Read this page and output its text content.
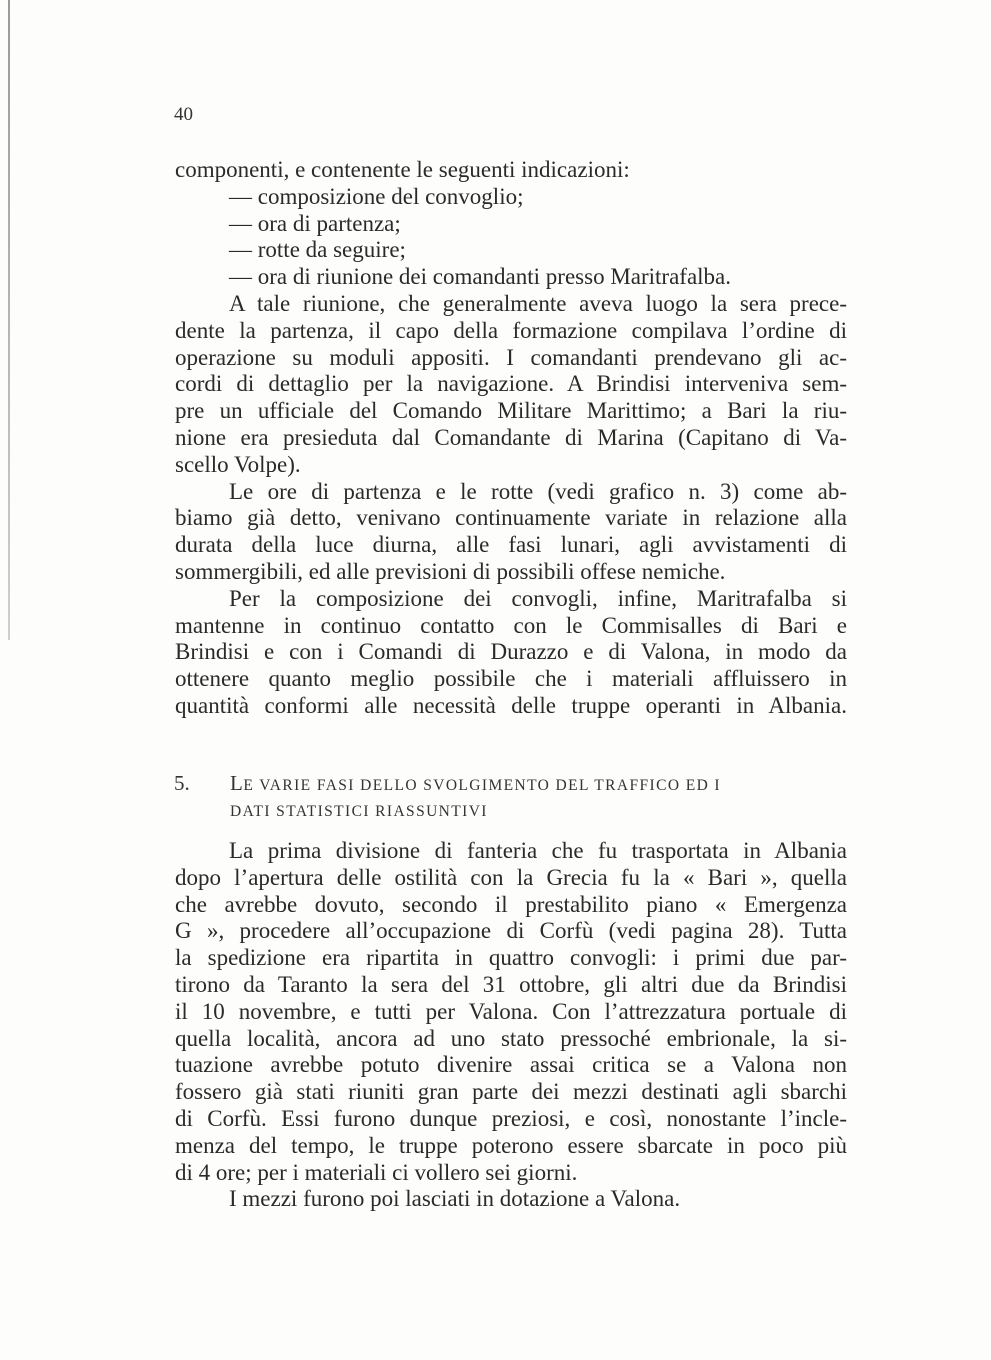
40
componenti, e contenente le seguenti indicazioni:
— composizione del convoglio;
— ora di partenza;
— rotte da seguire;
— ora di riunione dei comandanti presso Maritrafalba.
A tale riunione, che generalmente aveva luogo la sera prece-
dente la partenza, il capo della formazione compilava l’ordine di
operazione su moduli appositi. I comandanti prendevano gli ac-
cordi di dettaglio per la navigazione. A Brindisi interveniva sem-
pre un ufficiale del Comando Militare Marittimo; a Bari la riu-
nione era presieduta dal Comandante di Marina (Capitano di Va-
scello Volpe).
Le ore di partenza e le rotte (vedi grafico n. 3) come ab-
biamo già detto, venivano continuamente variate in relazione alla
durata della luce diurna, alle fasi lunari, agli avvistamenti di
sommergibili, ed alle previsioni di possibili offese nemiche.
Per la composizione dei convogli, infine, Maritrafalba si
mantenne in continuo contatto con le Commisalles di Bari e
Brindisi e con i Comandi di Durazzo e di Valona, in modo da
ottenere quanto meglio possibile che i materiali affluissero in
quantità conformi alle necessità delle truppe operanti in Albania.
5. LE VARIE FASI DELLO SVOLGIMENTO DEL TRAFFICO ED I
DATI STATISTICI RIASSUNTIVI
La prima divisione di fanteria che fu trasportata in Albania
dopo l’apertura delle ostilità con la Grecia fu la « Bari », quella
che avrebbe dovuto, secondo il prestabilito piano « Emergenza
G », procedere all’occupazione di Corfù (vedi pagina 28). Tutta
la spedizione era ripartita in quattro convogli: i primi due par-
tirono da Taranto la sera del 31 ottobre, gli altri due da Brindisi
il 10 novembre, e tutti per Valona. Con l’attrezzatura portuale di
quella località, ancora ad uno stato pressoché embrionale, la si-
tuazione avrebbe potuto divenire assai critica se a Valona non
fossero già stati riuniti gran parte dei mezzi destinati agli sbarchi
di Corfù. Essi furono dunque preziosi, e così, nonostante l’incle-
menza del tempo, le truppe poterono essere sbarcate in poco più
di 4 ore; per i materiali ci vollero sei giorni.
I mezzi furono poi lasciati in dotazione a Valona.
